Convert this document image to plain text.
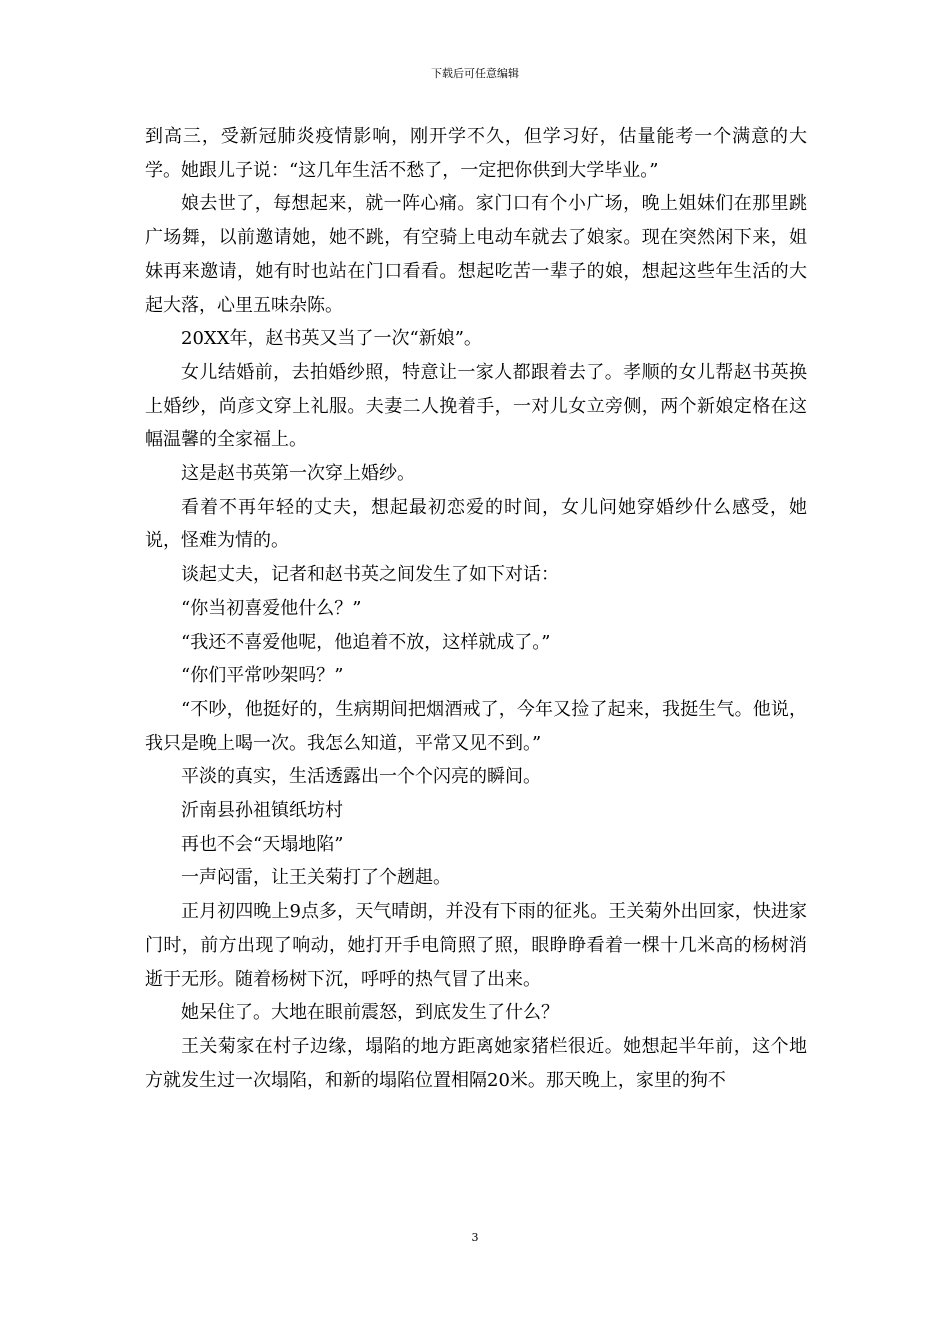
下载后可任意编辑

到高三，受新冠肺炎疫情影响，刚开学不久，但学习好，估量能考一个满意的大学。她跟儿子说：“这几年生活不愁了，一定把你供到大学毕业。”

娘去世了，每想起来，就一阵心痛。家门口有个小广场，晚上姐妹们在那里跳广场舞，以前邀请她，她不跳，有空骑上电动车就去了娘家。现在突然闲下来，姐妹再来邀请，她有时也站在门口看看。想起吃苦一辈子的娘，想起这些年生活的大起大落，心里五味杂陈。

20XX年，赵书英又当了一次“新娘”。

女儿结婚前，去拍婚纱照，特意让一家人都跟着去了。孝顺的女儿帮赵书英换上婚纱，尚彦文穿上礼服。夫妻二人挽着手，一对儿女立旁侧，两个新娘定格在这幅温馨的全家福上。

这是赵书英第一次穿上婚纱。

看着不再年轻的丈夫，想起最初恋爱的时间，女儿问她穿婚纱什么感受，她说，怪难为情的。

谈起丈夫，记者和赵书英之间发生了如下对话：

“你当初喜爱他什么？”

“我还不喜爱他呢，他追着不放，这样就成了。”

“你们平常吵架吗？”

“不吵，他挺好的，生病期间把烟酒戒了，今年又捡了起来，我挺生气。他说，我只是晚上喝一次。我怎么知道，平常又见不到。”

平淡的真实，生活透露出一个个闪亮的瞬间。

沂南县孙祖镇纸坊村

再也不会“天塌地陷”

一声闷雷，让王关菊打了个趔趄。

正月初四晚上9点多，天气晴朗，并没有下雨的征兆。王关菊外出回家，快进家门时，前方出现了响动，她打开手电筒照了照，眼睁睁看着一棵十几米高的杨树消逝于无形。随着杨树下沉，呼呼的热气冒了出来。

她呆住了。大地在眼前震怒，到底发生了什么？

王关菊家在村子边缘，塌陷的地方距离她家猪栏很近。她想起半年前，这个地方就发生过一次塌陷，和新的塌陷位置相隔20米。那天晚上，家里的狗不

3
